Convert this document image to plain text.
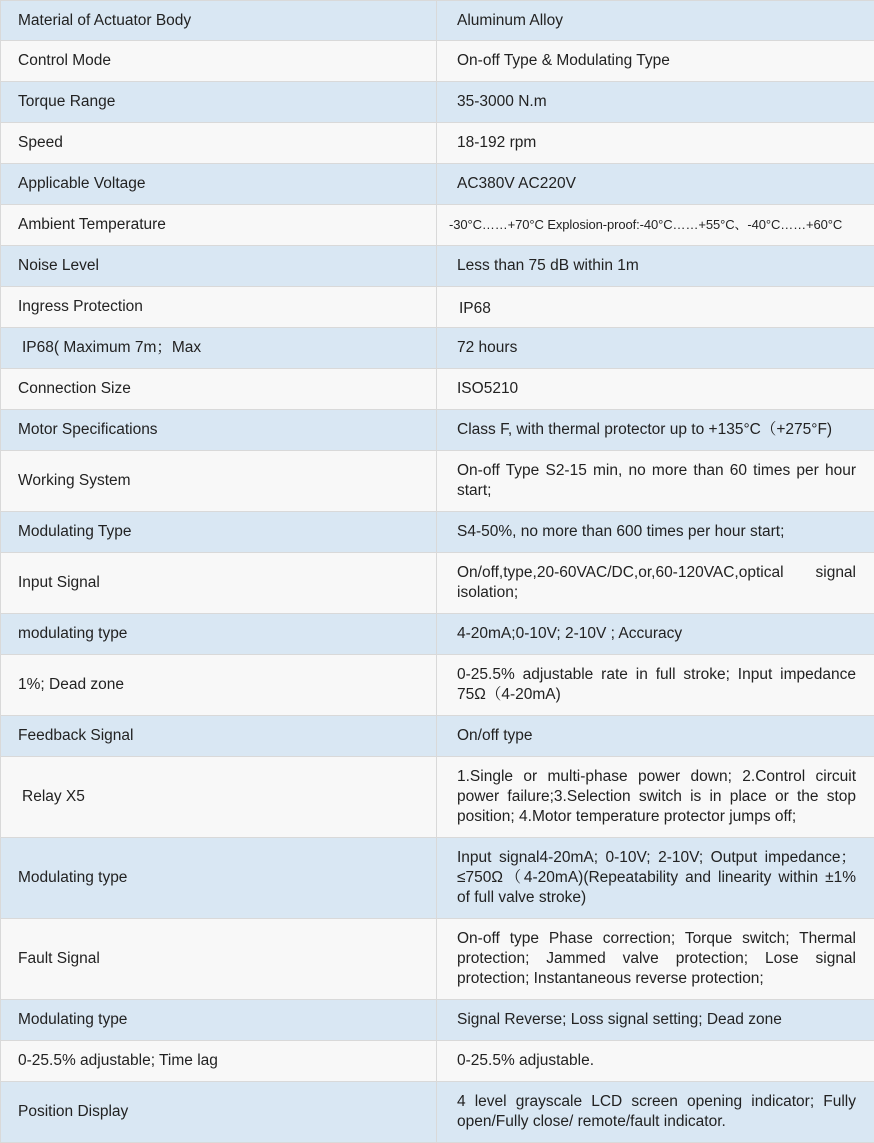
Material of Actuator Body	Aluminum Alloy
Control Mode	On-off Type & Modulating Type
Torque Range	35-3000 N.m
Speed	18-192 rpm
Applicable Voltage	AC380V AC220V
Ambient Temperature	-30°C……+70°C Explosion-proof:-40°C……+55°C、-40°C……+60°C
Noise Level	Less than 75 dB within 1m
Ingress Protection	IP68
IP68( Maximum 7m；Max	72 hours
Connection Size	ISO5210
Motor Specifications	Class F, with thermal protector up to +135°C（+275°F)
Working System	On-off Type S2-15 min, no more than 60 times per hour start;
Modulating Type	S4-50%, no more than 600 times per hour start;
Input Signal	On/off,type,20-60VAC/DC,or,60-120VAC,optical signal isolation;
modulating type	4-20mA;0-10V; 2-10V ; Accuracy
1%; Dead zone	0-25.5% adjustable rate in full stroke; Input impedance 75Ω（4-20mA)
Feedback Signal	On/off type
Relay X5	1.Single or multi-phase power down; 2.Control circuit power failure;3.Selection switch is in place or the stop position; 4.Motor temperature protector jumps off;
Modulating type	Input signal4-20mA; 0-10V; 2-10V; Output impedance；≤750Ω（4-20mA)(Repeatability and linearity within ±1% of full valve stroke)
Fault Signal	On-off type Phase correction; Torque switch; Thermal protection; Jammed valve protection; Lose signal protection; Instantaneous reverse protection;
Modulating type	Signal Reverse; Loss signal setting; Dead zone
0-25.5% adjustable; Time lag	0-25.5% adjustable.
Position Display	4 level grayscale LCD screen opening indicator; Fully open/Fully close/ remote/fault indicator.
